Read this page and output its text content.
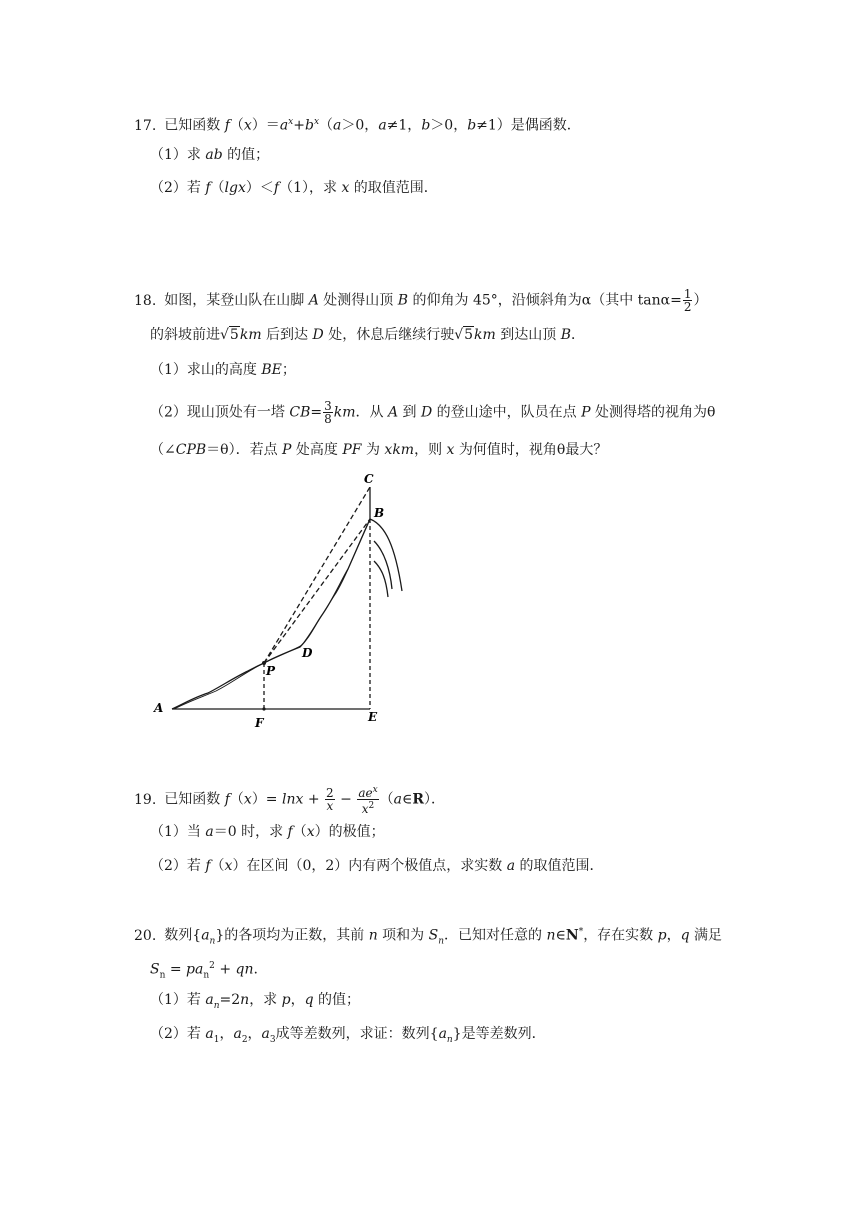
17. 已知函数 $f(x)=a^x+b^x(a>0$，a≠1，b＞0，b≠1）是偶函数．
（1）求 ab 的值；
（2）若 f（lgx）＜f（1），求 x 的取值范围．
18. 如图，某登山队在山脚 A 处测得山顶 B 的仰角为 45°，沿倾斜角为α（其中 $\tan\alpha= \frac{1}{2}$ ）
的斜坡前进√5km 后到达 D 处，休息后继续行驶√5km 到达山顶 B．
（1）求山的高度 BE；
（2）现山顶处有一塔 $CB= \frac{3}{8}$ km．从 A 到 D 的登山途中，队员在点 P 处测得塔的视角为θ
（∠CPB＝θ）．若点 P 处高度 PF 为 xkm，则 x 为何值时，视角θ最大？
C
B
D
P
A
F	E
19. 已知函数 $f(x)= \ln x + \frac{2}{x} - \frac{ae^x}{x^2}$ （a∈R）．
（1）当 a＝0 时，求 f（x）的极值；
（2）若 f（x）在区间（0，2）内有两个极值点，求实数 a 的取值范围．
20. 数列$\{a_n\}$的各项均为正数，其前 n 项和为 $S_n$．已知对任意的 n∈N*，存在实数 p，q 满足
$S_n = pa_n^2$ + qn.
（1）若 $a_n=2n$，求 p，q 的值；
（2）若 $a_1$，$a_2$，$a_3$成等差数列，求证：数列$\{a_n\}$是等差数列．
